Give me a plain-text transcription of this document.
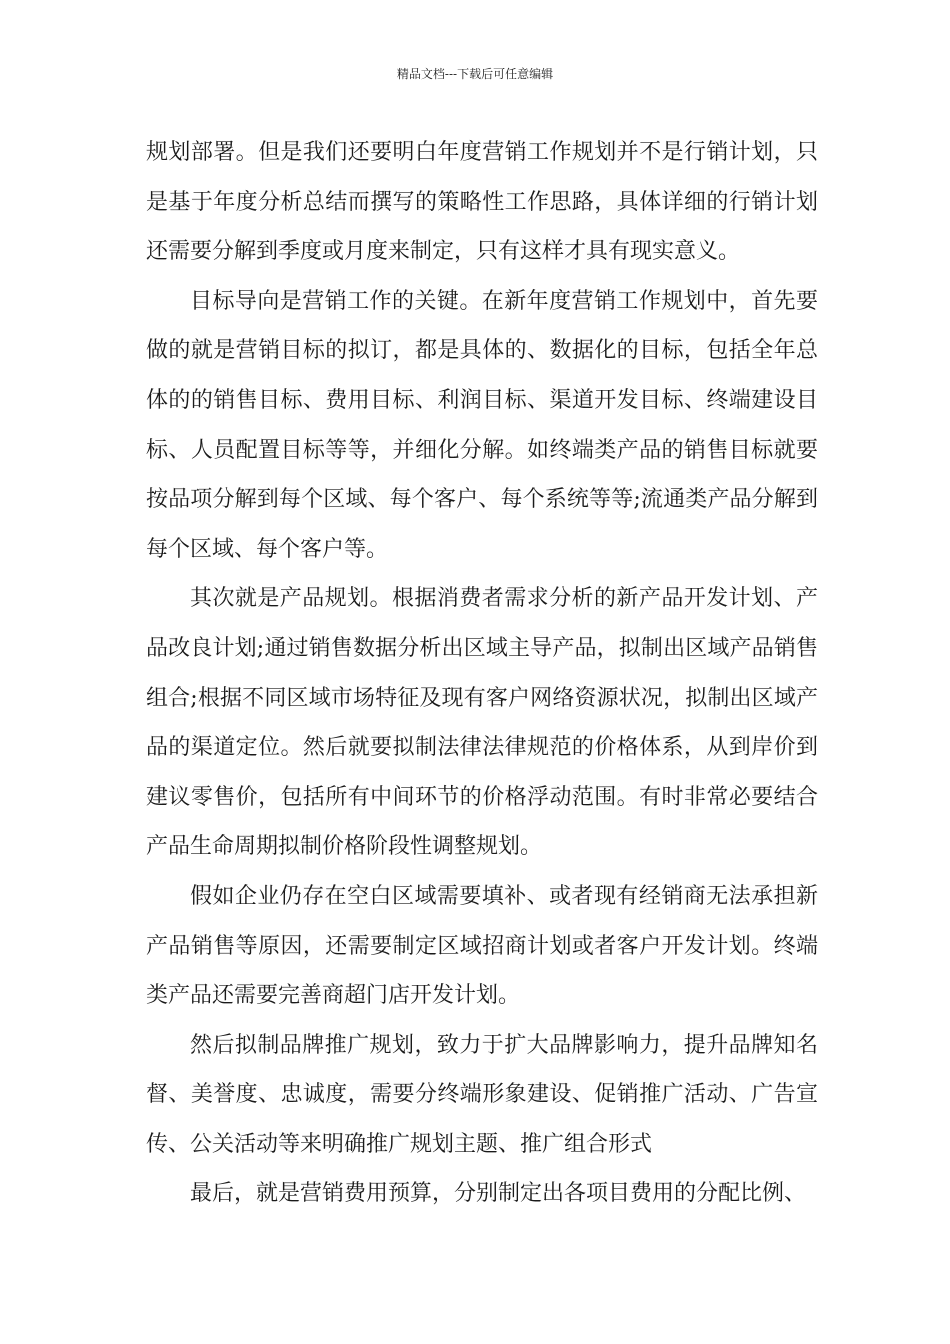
精品文档---下载后可任意编辑

规划部署。但是我们还要明白年度营销工作规划并不是行销计划，只是基于年度分析总结而撰写的策略性工作思路，具体详细的行销计划还需要分解到季度或月度来制定，只有这样才具有现实意义。

目标导向是营销工作的关键。在新年度营销工作规划中，首先要做的就是营销目标的拟订，都是具体的、数据化的目标，包括全年总体的的销售目标、费用目标、利润目标、渠道开发目标、终端建设目标、人员配置目标等等，并细化分解。如终端类产品的销售目标就要按品项分解到每个区域、每个客户、每个系统等等;流通类产品分解到每个区域、每个客户等。

其次就是产品规划。根据消费者需求分析的新产品开发计划、产品改良计划;通过销售数据分析出区域主导产品，拟制出区域产品销售组合;根据不同区域市场特征及现有客户网络资源状况，拟制出区域产品的渠道定位。然后就要拟制法律法律规范的价格体系，从到岸价到建议零售价，包括所有中间环节的价格浮动范围。有时非常必要结合产品生命周期拟制价格阶段性调整规划。

假如企业仍存在空白区域需要填补、或者现有经销商无法承担新产品销售等原因，还需要制定区域招商计划或者客户开发计划。终端类产品还需要完善商超门店开发计划。

然后拟制品牌推广规划，致力于扩大品牌影响力，提升品牌知名督、美誉度、忠诚度，需要分终端形象建设、促销推广活动、广告宣传、公关活动等来明确推广规划主题、推广组合形式

最后，就是营销费用预算，分别制定出各项目费用的分配比例、
